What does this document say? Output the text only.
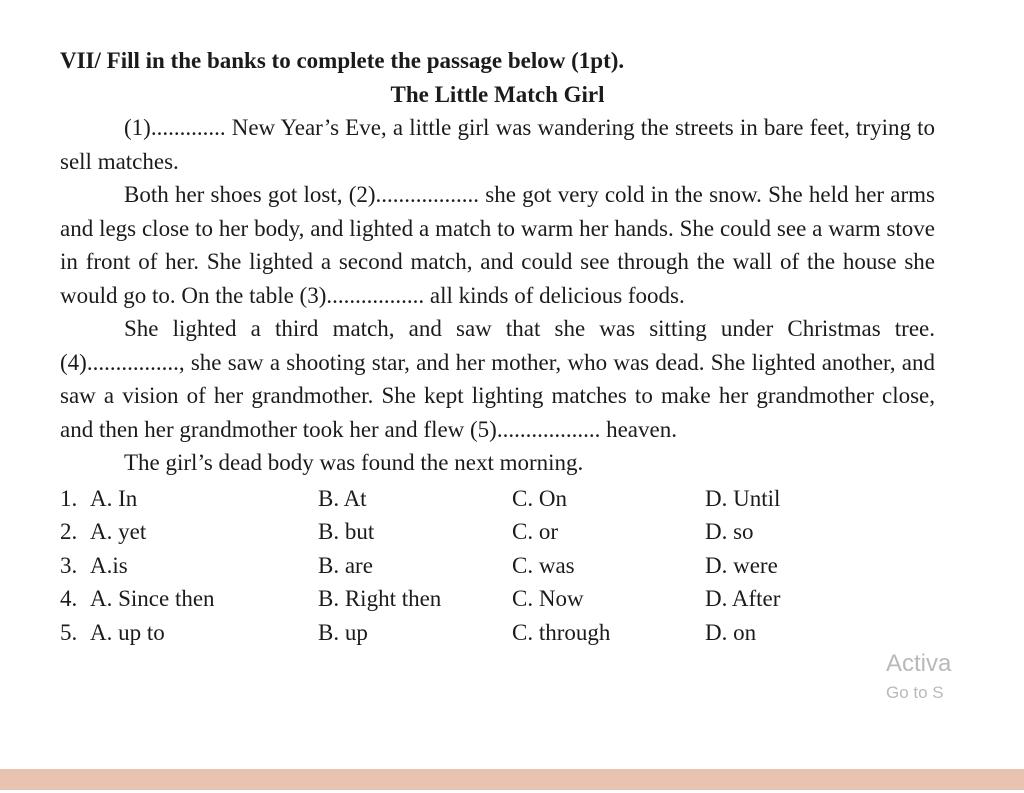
VII/ Fill in the banks to complete the passage below (1pt).

The Little Match Girl

(1)............. New Year’s Eve, a little girl was wandering the streets in bare feet, trying to sell matches.

Both her shoes got lost, (2).................. she got very cold in the snow. She held her arms and legs close to her body, and lighted a match to warm her hands. She could see a warm stove in front of her. She lighted a second match, and could see through the wall of the house she would go to. On the table (3)................. all kinds of delicious foods.

She lighted a third match, and saw that she was sitting under Christmas tree. (4)................, she saw a shooting star, and her mother, who was dead. She lighted another, and saw a vision of her grandmother. She kept lighting matches to make her grandmother close, and then her grandmother took her and flew (5).................. heaven.

The girl’s dead body was found the next morning.

1. A. In	B. At	C. On	D. Until
2. A. yet	B. but	C. or	D. so
3. A.is	B. are	C. was	D. were
4. A. Since then	B. Right then	C. Now	D. After
5. A. up to	B. up	C. through	D. on
Activa
Go to S
